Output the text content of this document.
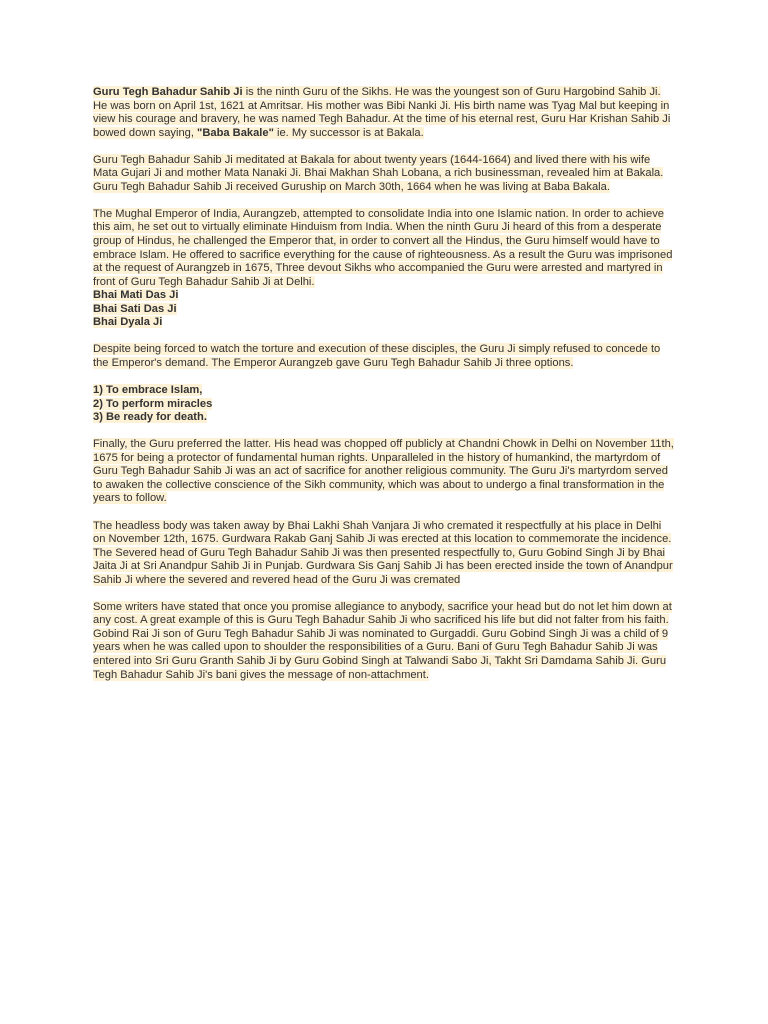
Guru Tegh Bahadur Sahib Ji is the ninth Guru of the Sikhs. He was the youngest son of Guru Hargobind Sahib Ji. He was born on April 1st, 1621 at Amritsar. His mother was Bibi Nanki Ji. His birth name was Tyag Mal but keeping in view his courage and bravery, he was named Tegh Bahadur. At the time of his eternal rest, Guru Har Krishan Sahib Ji bowed down saying, "Baba Bakale" ie. My successor is at Bakala.

Guru Tegh Bahadur Sahib Ji meditated at Bakala for about twenty years (1644-1664) and lived there with his wife Mata Gujari Ji and mother Mata Nanaki Ji. Bhai Makhan Shah Lobana, a rich businessman, revealed him at Bakala. Guru Tegh Bahadur Sahib Ji received Guruship on March 30th, 1664 when he was living at Baba Bakala.

The Mughal Emperor of India, Aurangzeb, attempted to consolidate India into one Islamic nation. In order to achieve this aim, he set out to virtually eliminate Hinduism from India. When the ninth Guru Ji heard of this from a desperate group of Hindus, he challenged the Emperor that, in order to convert all the Hindus, the Guru himself would have to embrace Islam. He offered to sacrifice everything for the cause of righteousness. As a result the Guru was imprisoned at the request of Aurangzeb in 1675, Three devout Sikhs who accompanied the Guru were arrested and martyred in front of Guru Tegh Bahadur Sahib Ji at Delhi.
Bhai Mati Das Ji
Bhai Sati Das Ji
Bhai Dyala Ji

Despite being forced to watch the torture and execution of these disciples, the Guru Ji simply refused to concede to the Emperor's demand. The Emperor Aurangzeb gave Guru Tegh Bahadur Sahib Ji three options.

1) To embrace Islam,
2) To perform miracles
3) Be ready for death.

Finally, the Guru preferred the latter. His head was chopped off publicly at Chandni Chowk in Delhi on November 11th, 1675 for being a protector of fundamental human rights. Unparalleled in the history of humankind, the martyrdom of Guru Tegh Bahadur Sahib Ji was an act of sacrifice for another religious community. The Guru Ji's martyrdom served to awaken the collective conscience of the Sikh community, which was about to undergo a final transformation in the years to follow.

The headless body was taken away by Bhai Lakhi Shah Vanjara Ji who cremated it respectfully at his place in Delhi on November 12th, 1675. Gurdwara Rakab Ganj Sahib Ji was erected at this location to commemorate the incidence. The Severed head of Guru Tegh Bahadur Sahib Ji was then presented respectfully to, Guru Gobind Singh Ji by Bhai Jaita Ji at Sri Anandpur Sahib Ji in Punjab. Gurdwara Sis Ganj Sahib Ji has been erected inside the town of Anandpur Sahib Ji where the severed and revered head of the Guru Ji was cremated

Some writers have stated that once you promise allegiance to anybody, sacrifice your head but do not let him down at any cost. A great example of this is Guru Tegh Bahadur Sahib Ji who sacrificed his life but did not falter from his faith. Gobind Rai Ji son of Guru Tegh Bahadur Sahib Ji was nominated to Gurgaddi. Guru Gobind Singh Ji was a child of 9 years when he was called upon to shoulder the responsibilities of a Guru. Bani of Guru Tegh Bahadur Sahib Ji was entered into Sri Guru Granth Sahib Ji by Guru Gobind Singh at Talwandi Sabo Ji, Takht Sri Damdama Sahib Ji. Guru Tegh Bahadur Sahib Ji's bani gives the message of non-attachment.
